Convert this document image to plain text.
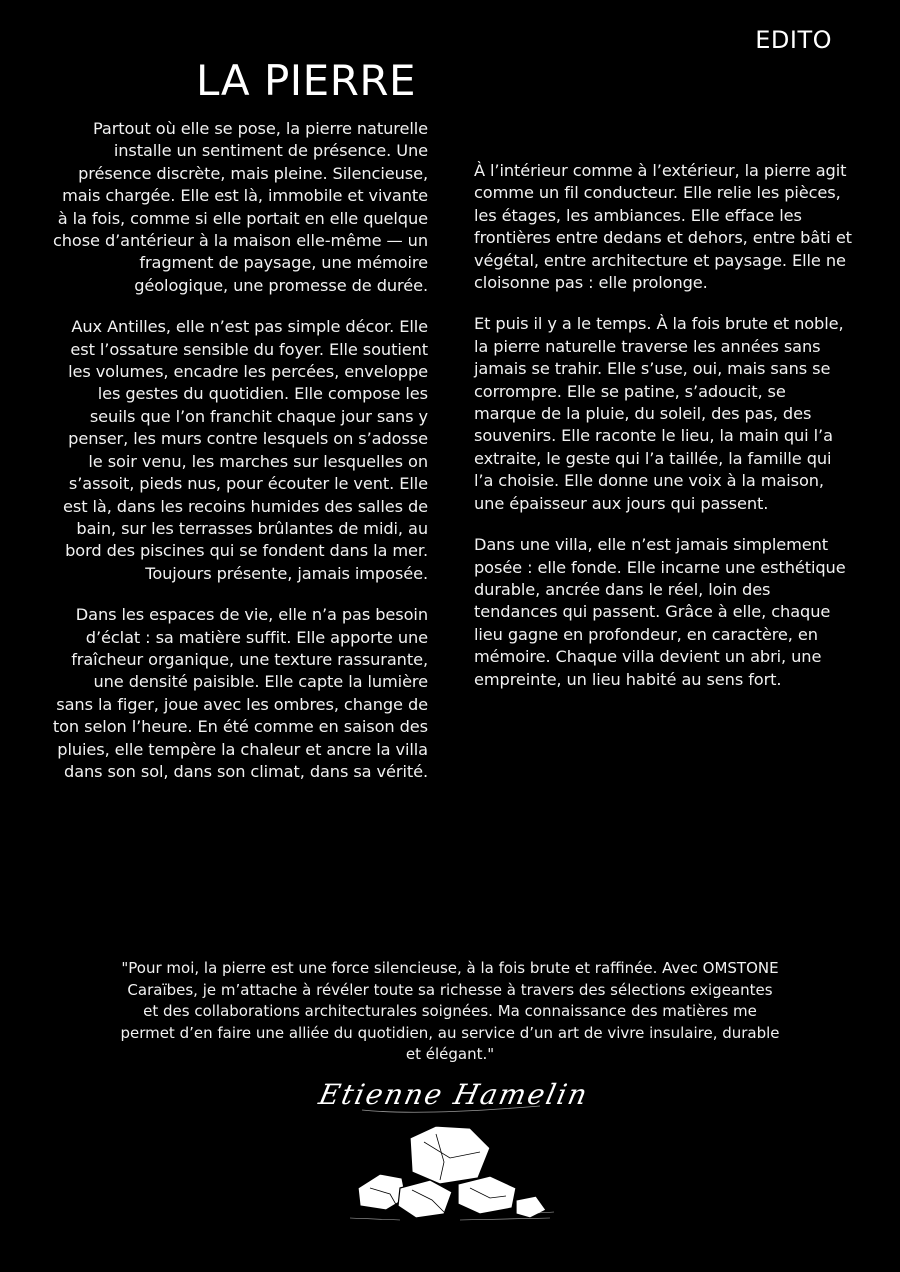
EDITO
LA PIERRE

Partout où elle se pose, la pierre naturelle installe un sentiment de présence. Une présence discrète, mais pleine. Silencieuse, mais chargée. Elle est là, immobile et vivante à la fois, comme si elle portait en elle quelque chose d’antérieur à la maison elle-même — un fragment de paysage, une mémoire géologique, une promesse de durée.

Aux Antilles, elle n’est pas simple décor. Elle est l’ossature sensible du foyer. Elle soutient les volumes, encadre les percées, enveloppe les gestes du quotidien. Elle compose les seuils que l’on franchit chaque jour sans y penser, les murs contre lesquels on s’adosse le soir venu, les marches sur lesquelles on s’assoit, pieds nus, pour écouter le vent. Elle est là, dans les recoins humides des salles de bain, sur les terrasses brûlantes de midi, au bord des piscines qui se fondent dans la mer. Toujours présente, jamais imposée.

Dans les espaces de vie, elle n’a pas besoin d’éclat : sa matière suffit. Elle apporte une fraîcheur organique, une texture rassurante, une densité paisible. Elle capte la lumière sans la figer, joue avec les ombres, change de ton selon l’heure. En été comme en saison des pluies, elle tempère la chaleur et ancre la villa dans son sol, dans son climat, dans sa vérité.

À l’intérieur comme à l’extérieur, la pierre agit comme un fil conducteur. Elle relie les pièces, les étages, les ambiances. Elle efface les frontières entre dedans et dehors, entre bâti et végétal, entre architecture et paysage. Elle ne cloisonne pas : elle prolonge.

Et puis il y a le temps. À la fois brute et noble, la pierre naturelle traverse les années sans jamais se trahir. Elle s’use, oui, mais sans se corrompre. Elle se patine, s’adoucit, se marque de la pluie, du soleil, des pas, des souvenirs. Elle raconte le lieu, la main qui l’a extraite, le geste qui l’a taillée, la famille qui l’a choisie. Elle donne une voix à la maison, une épaisseur aux jours qui passent.

Dans une villa, elle n’est jamais simplement posée : elle fonde. Elle incarne une esthétique durable, ancrée dans le réel, loin des tendances qui passent. Grâce à elle, chaque lieu gagne en profondeur, en caractère, en mémoire. Chaque villa devient un abri, une empreinte, un lieu habité au sens fort.

"Pour moi, la pierre est une force silencieuse, à la fois brute et raffinée. Avec OMSTONE Caraïbes, je m’attache à révéler toute sa richesse à travers des sélections exigeantes et des collaborations architecturales soignées. Ma connaissance des matières me permet d’en faire une alliée du quotidien, au service d’un art de vivre insulaire, durable et élégant."

Etienne Hamelin
